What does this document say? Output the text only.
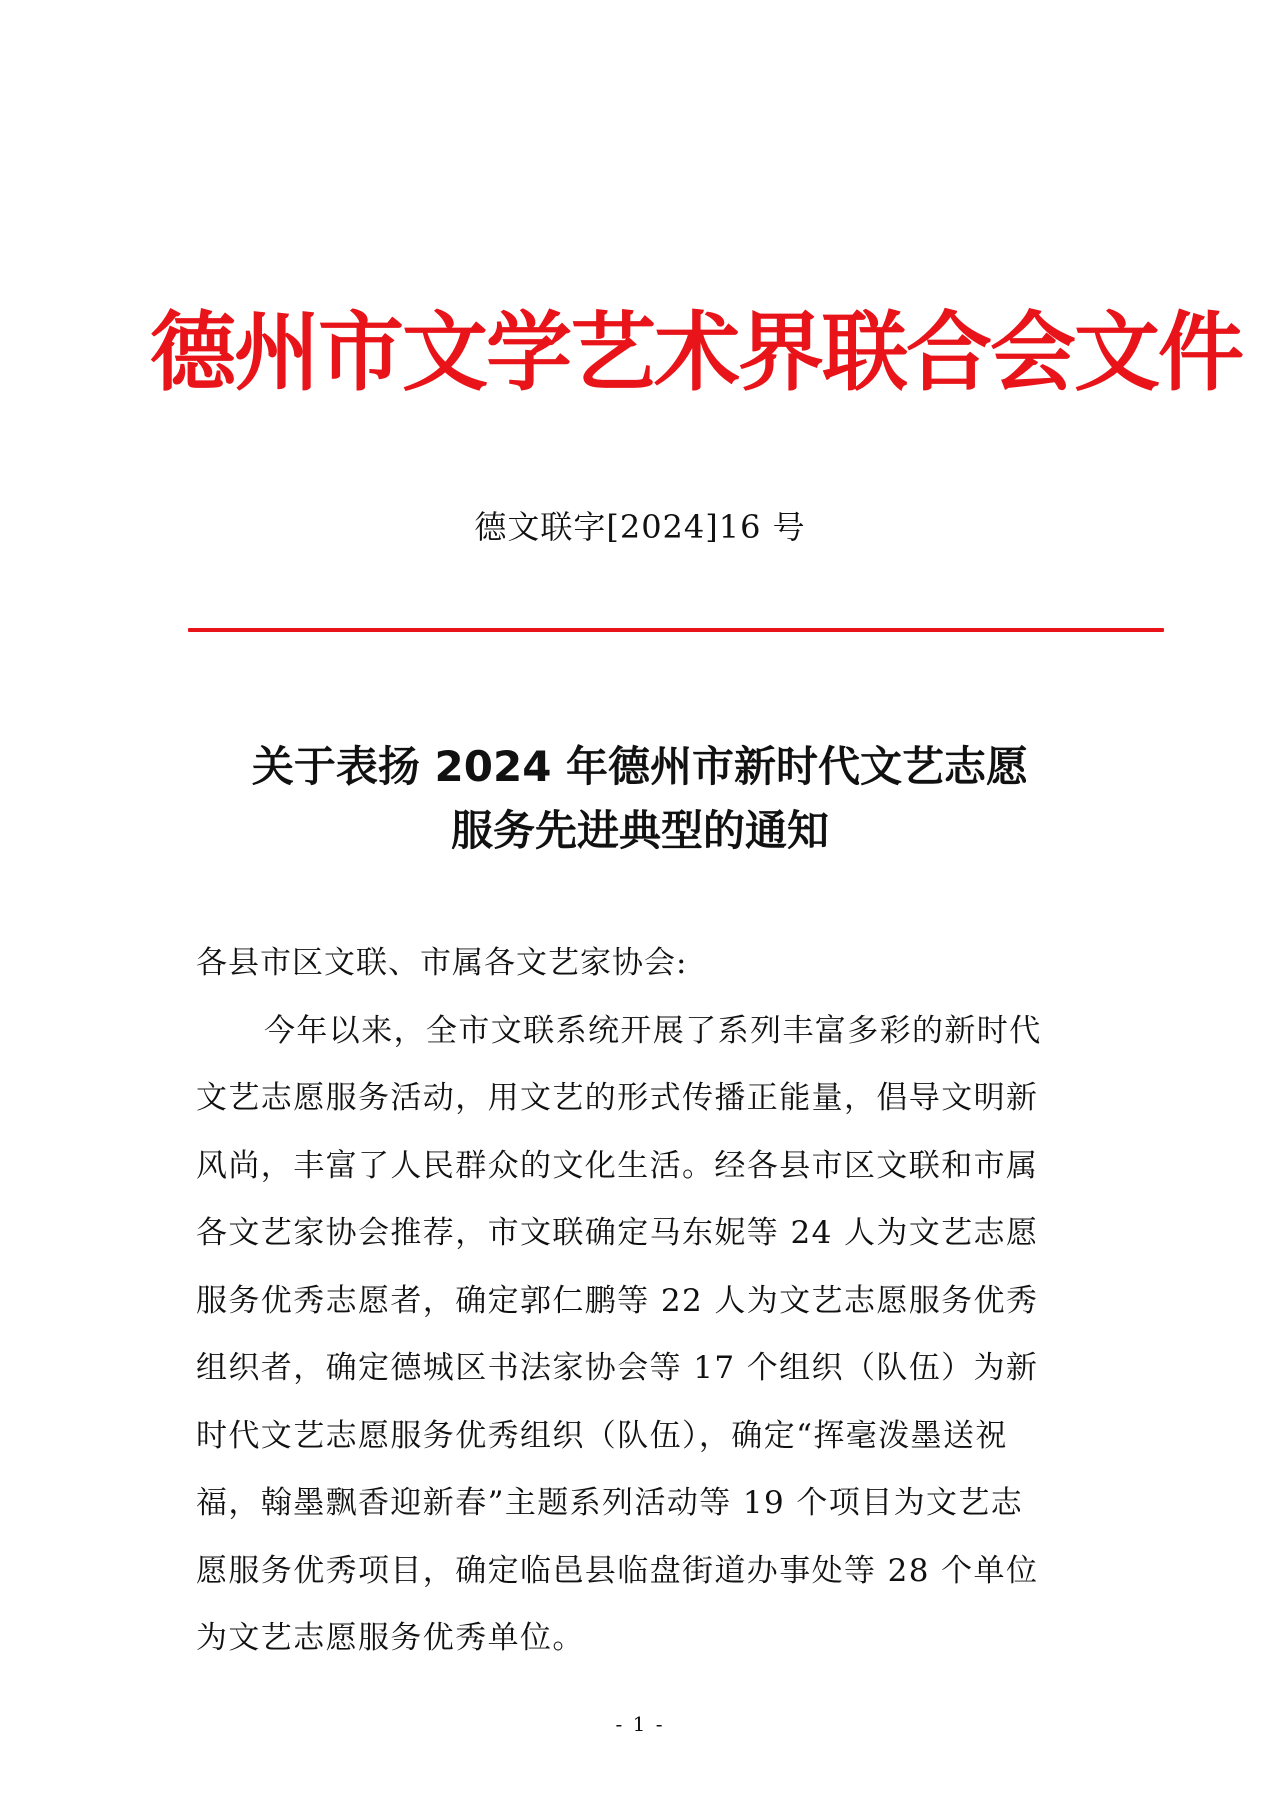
德州市文学艺术界联合会文件
德文联字[2024]16 号
关于表扬 2024 年德州市新时代文艺志愿
服务先进典型的通知
各县市区文联、市属各文艺家协会:
今年以来，全市文联系统开展了系列丰富多彩的新时代
文艺志愿服务活动，用文艺的形式传播正能量，倡导文明新
风尚，丰富了人民群众的文化生活。经各县市区文联和市属
各文艺家协会推荐，市文联确定马东妮等 24 人为文艺志愿
服务优秀志愿者，确定郭仁鹏等 22 人为文艺志愿服务优秀
组织者，确定德城区书法家协会等 17 个组织（队伍）为新
时代文艺志愿服务优秀组织（队伍），确定“挥毫泼墨送祝
福，翰墨飘香迎新春”主题系列活动等 19 个项目为文艺志
愿服务优秀项目，确定临邑县临盘街道办事处等 28 个单位
为文艺志愿服务优秀单位。
- 1 -
